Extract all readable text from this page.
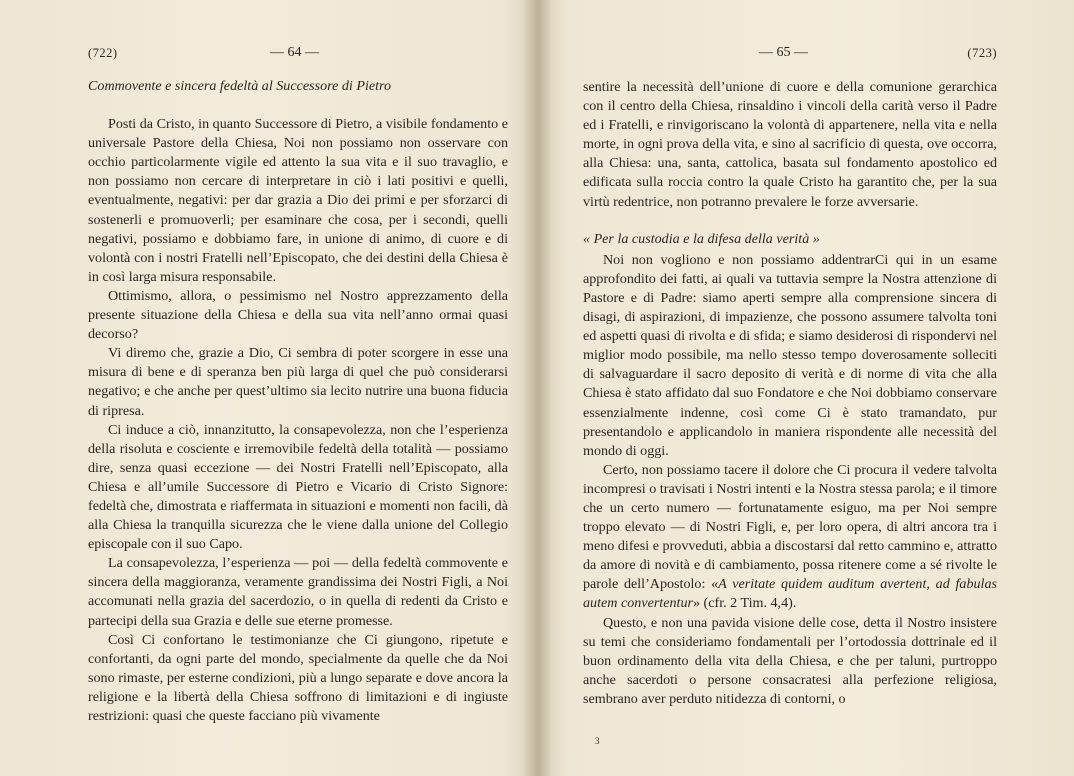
(722)	— 64 —

Commovente e sincera fedeltà al Successore di Pietro

Posti da Cristo, in quanto Successore di Pietro, a visibile fondamento e universale Pastore della Chiesa, Noi non possiamo non osservare con occhio particolarmente vigile ed attento la sua vita e il suo travaglio, e non possiamo non cercare di interpretare in ciò i lati positivi e quelli, eventualmente, negativi: per dar grazia a Dio dei primi e per sforzarci di sostenerli e promuoverli; per esaminare che cosa, per i secondi, quelli negativi, possiamo e dobbiamo fare, in unione di animo, di cuore e di volontà con i nostri Fratelli nell’Episcopato, che dei destini della Chiesa è in così larga misura responsabile.

Ottimismo, allora, o pessimismo nel Nostro apprezzamento della presente situazione della Chiesa e della sua vita nell’anno ormai quasi decorso?

Vi diremo che, grazie a Dio, Ci sembra di poter scorgere in esse una misura di bene e di speranza ben più larga di quel che può considerarsi negativo; e che anche per quest’ultimo sia lecito nutrire una buona fiducia di ripresa.

Ci induce a ciò, innanzitutto, la consapevolezza, non che l’esperienza della risoluta e cosciente e irremovibile fedeltà della totalità — possiamo dire, senza quasi eccezione — dei Nostri Fratelli nell’Episcopato, alla Chiesa e all’umile Successore di Pietro e Vicario di Cristo Signore: fedeltà che, dimostrata e riaffermata in situazioni e momenti non facili, dà alla Chiesa la tranquilla sicurezza che le viene dalla unione del Collegio episcopale con il suo Capo.

La consapevolezza, l’esperienza — poi — della fedeltà commovente e sincera della maggioranza, veramente grandissima dei Nostri Figli, a Noi accomunati nella grazia del sacerdozio, o in quella di redenti da Cristo e partecipi della sua Grazia e delle sue eterne promesse.

Così Ci confortano le testimonianze che Ci giungono, ripetute e confortanti, da ogni parte del mondo, specialmente da quelle che da Noi sono rimaste, per esterne condizioni, più a lungo separate e dove ancora la religione e la libertà della Chiesa soffrono di limitazioni e di ingiuste restrizioni: quasi che queste facciano più vivamente

— 65 —	(723)

sentire la necessità dell’unione di cuore e della comunione gerarchica con il centro della Chiesa, rinsaldino i vincoli della carità verso il Padre ed i Fratelli, e rinvigoriscano la volontà di appartenere, nella vita e nella morte, in ogni prova della vita, e sino al sacrificio di questa, ove occorra, alla Chiesa: una, santa, cattolica, basata sul fondamento apostolico ed edificata sulla roccia contro la quale Cristo ha garantito che, per la sua virtù redentrice, non potranno prevalere le forze avversarie.

« Per la custodia e la difesa della verità »

Noi non vogliono e non possiamo addentrarCi qui in un esame approfondito dei fatti, ai quali va tuttavia sempre la Nostra attenzione di Pastore e di Padre: siamo aperti sempre alla comprensione sincera di disagi, di aspirazioni, di impazienze, che possono assumere talvolta toni ed aspetti quasi di rivolta e di sfida; e siamo desiderosi di rispondervi nel miglior modo possibile, ma nello stesso tempo doverosamente solleciti di salvaguardare il sacro deposito di verità e di norme di vita che alla Chiesa è stato affidato dal suo Fondatore e che Noi dobbiamo conservare essenzialmente indenne, così come Ci è stato tramandato, pur presentandolo e applicandolo in maniera rispondente alle necessità del mondo di oggi.

Certo, non possiamo tacere il dolore che Ci procura il vedere talvolta incompresi o travisati i Nostri intenti e la Nostra stessa parola; e il timore che un certo numero — fortunatamente esiguo, ma per Noi sempre troppo elevato — di Nostri Figli, e, per loro opera, di altri ancora tra i meno difesi e provveduti, abbia a discostarsi dal retto cammino e, attratto da amore di novità e di cambiamento, possa ritenere come a sé rivolte le parole dell’Apostolo: «A veritate quidem auditum avertent, ad fabulas autem convertentur» (cfr. 2 Tim. 4,4).

Questo, e non una pavida visione delle cose, detta il Nostro insistere su temi che consideriamo fondamentali per l’ortodossia dottrinale ed il buon ordinamento della vita della Chiesa, e che per taluni, purtroppo anche sacerdoti o persone consacratesi alla perfezione religiosa, sembrano aver perduto nitidezza di contorni, o

3
